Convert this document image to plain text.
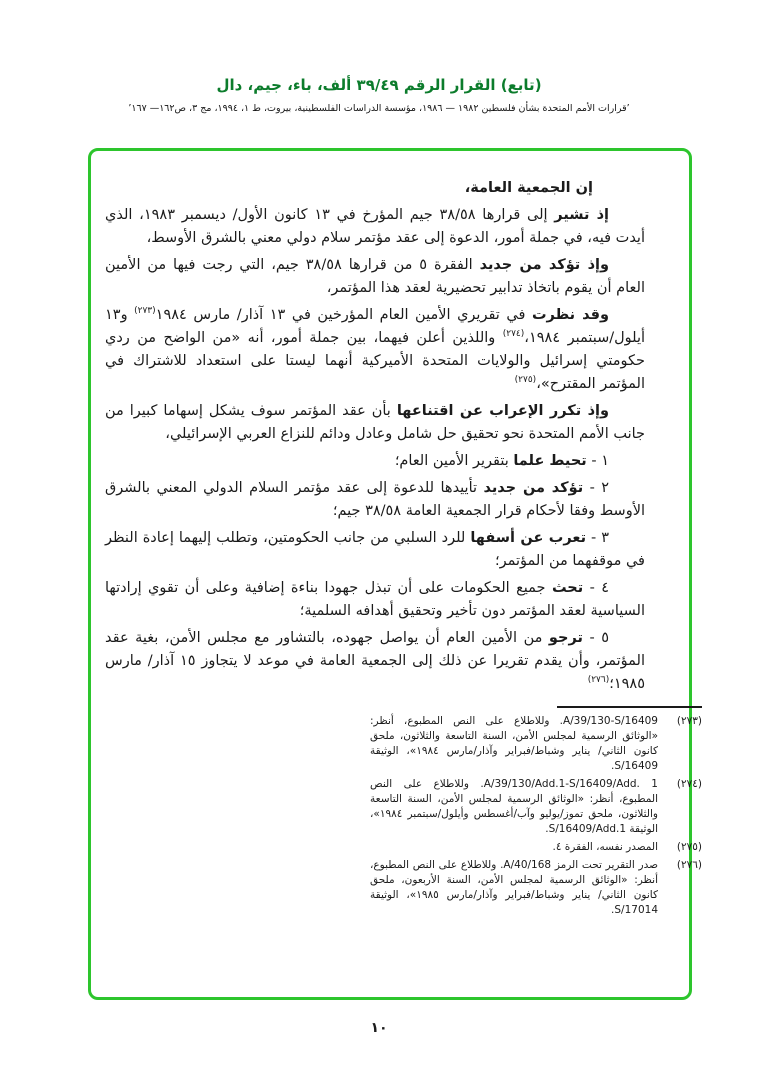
(تابع) القرار الرقم ٣٩/٤٩ ألف، باء، جيم، دال
’قرارات الأمم المتحدة بشأن فلسطين ١٩٨٢ — ١٩٨٦، مؤسسة الدراسات الفلسطينية، بيروت، ط ١، ١٩٩٤، مج ٣، ص١٦٢— ١٦٧’

إن الجمعية العامة،

إذ تشير إلى قرارها ٣٨/٥٨ جيم المؤرخ في ١٣ كانون الأول/ ديسمبر ١٩٨٣، الذي أيدت فيه، في جملة أمور، الدعوة إلى عقد مؤتمر سلام دولي معني بالشرق الأوسط،

وإذ تؤكد من جديد الفقرة ٥ من قرارها ٣٨/٥٨ جيم، التي رجت فيها من الأمين العام أن يقوم باتخاذ تدابير تحضيرية لعقد هذا المؤتمر،

وقد نظرت في تقريري الأمين العام المؤرخين في ١٣ آذار/ مارس ١٩٨٤$^{(٢٧٣)}$ و١٣ أيلول/سبتمبر ١٩٨٤،$^{(٢٧٤)}$ واللذين أعلن فيهما، بين جملة أمور، أنه «من الواضح من ردي حكومتي إسرائيل والولايات المتحدة الأميركية أنهما ليستا على استعداد للاشتراك في المؤتمر المقترح»،$^{(٢٧٥)}$

وإذ تكرر الإعراب عن اقتناعها بأن عقد المؤتمر سوف يشكل إسهاما كبيرا من جانب الأمم المتحدة نحو تحقيق حل شامل وعادل ودائم للنزاع العربي الإسرائيلي،

١ - تحيط علما بتقرير الأمين العام؛

٢ - تؤكد من جديد تأييدها للدعوة إلى عقد مؤتمر السلام الدولي المعني بالشرق الأوسط وفقا لأحكام قرار الجمعية العامة ٣٨/٥٨ جيم؛

٣ - تعرب عن أسفها للرد السلبي من جانب الحكومتين، وتطلب إليهما إعادة النظر في موقفهما من المؤتمر؛

٤ - تحث جميع الحكومات على أن تبذل جهودا بناءة إضافية وعلى أن تقوي إرادتها السياسية لعقد المؤتمر دون تأخير وتحقيق أهدافه السلمية؛

٥ - ترجو من الأمين العام أن يواصل جهوده، بالتشاور مع مجلس الأمن، بغية عقد المؤتمر، وأن يقدم تقريرا عن ذلك إلى الجمعية العامة في موعد لا يتجاوز ١٥ آذار/ مارس ١٩٨٥؛$^{(٢٧٦)}$

(٢٧٣)
A/39/130-S/16409. وللاطلاع على النص المطبوع، أنظر: «الوثائق الرسمية لمجلس الأمن، السنة التاسعة والثلاثون، ملحق كانون الثاني/ يناير وشباط/فبراير وآذار/مارس ١٩٨٤»، الوثيقة S/16409.
(٢٧٤)
A/39/130/Add.1-S/16409/Add. 1. وللاطلاع على النص المطبوع، أنظر: «الوثائق الرسمية لمجلس الأمن، السنة التاسعة والثلاثون، ملحق تموز/يوليو وآب/أغسطس وأيلول/سبتمبر ١٩٨٤»، الوثيقة S/16409/Add.1.
(٢٧٥)
المصدر نفسه، الفقرة ٤.
(٢٧٦)
صدر التقرير تحت الرمز A/40/168. وللاطلاع على النص المطبوع، أنظر: «الوثائق الرسمية لمجلس الأمن، السنة الأربعون، ملحق كانون الثاني/ يناير وشباط/فبراير وآذار/مارس ١٩٨٥»، الوثيقة S/17014.
١٠
